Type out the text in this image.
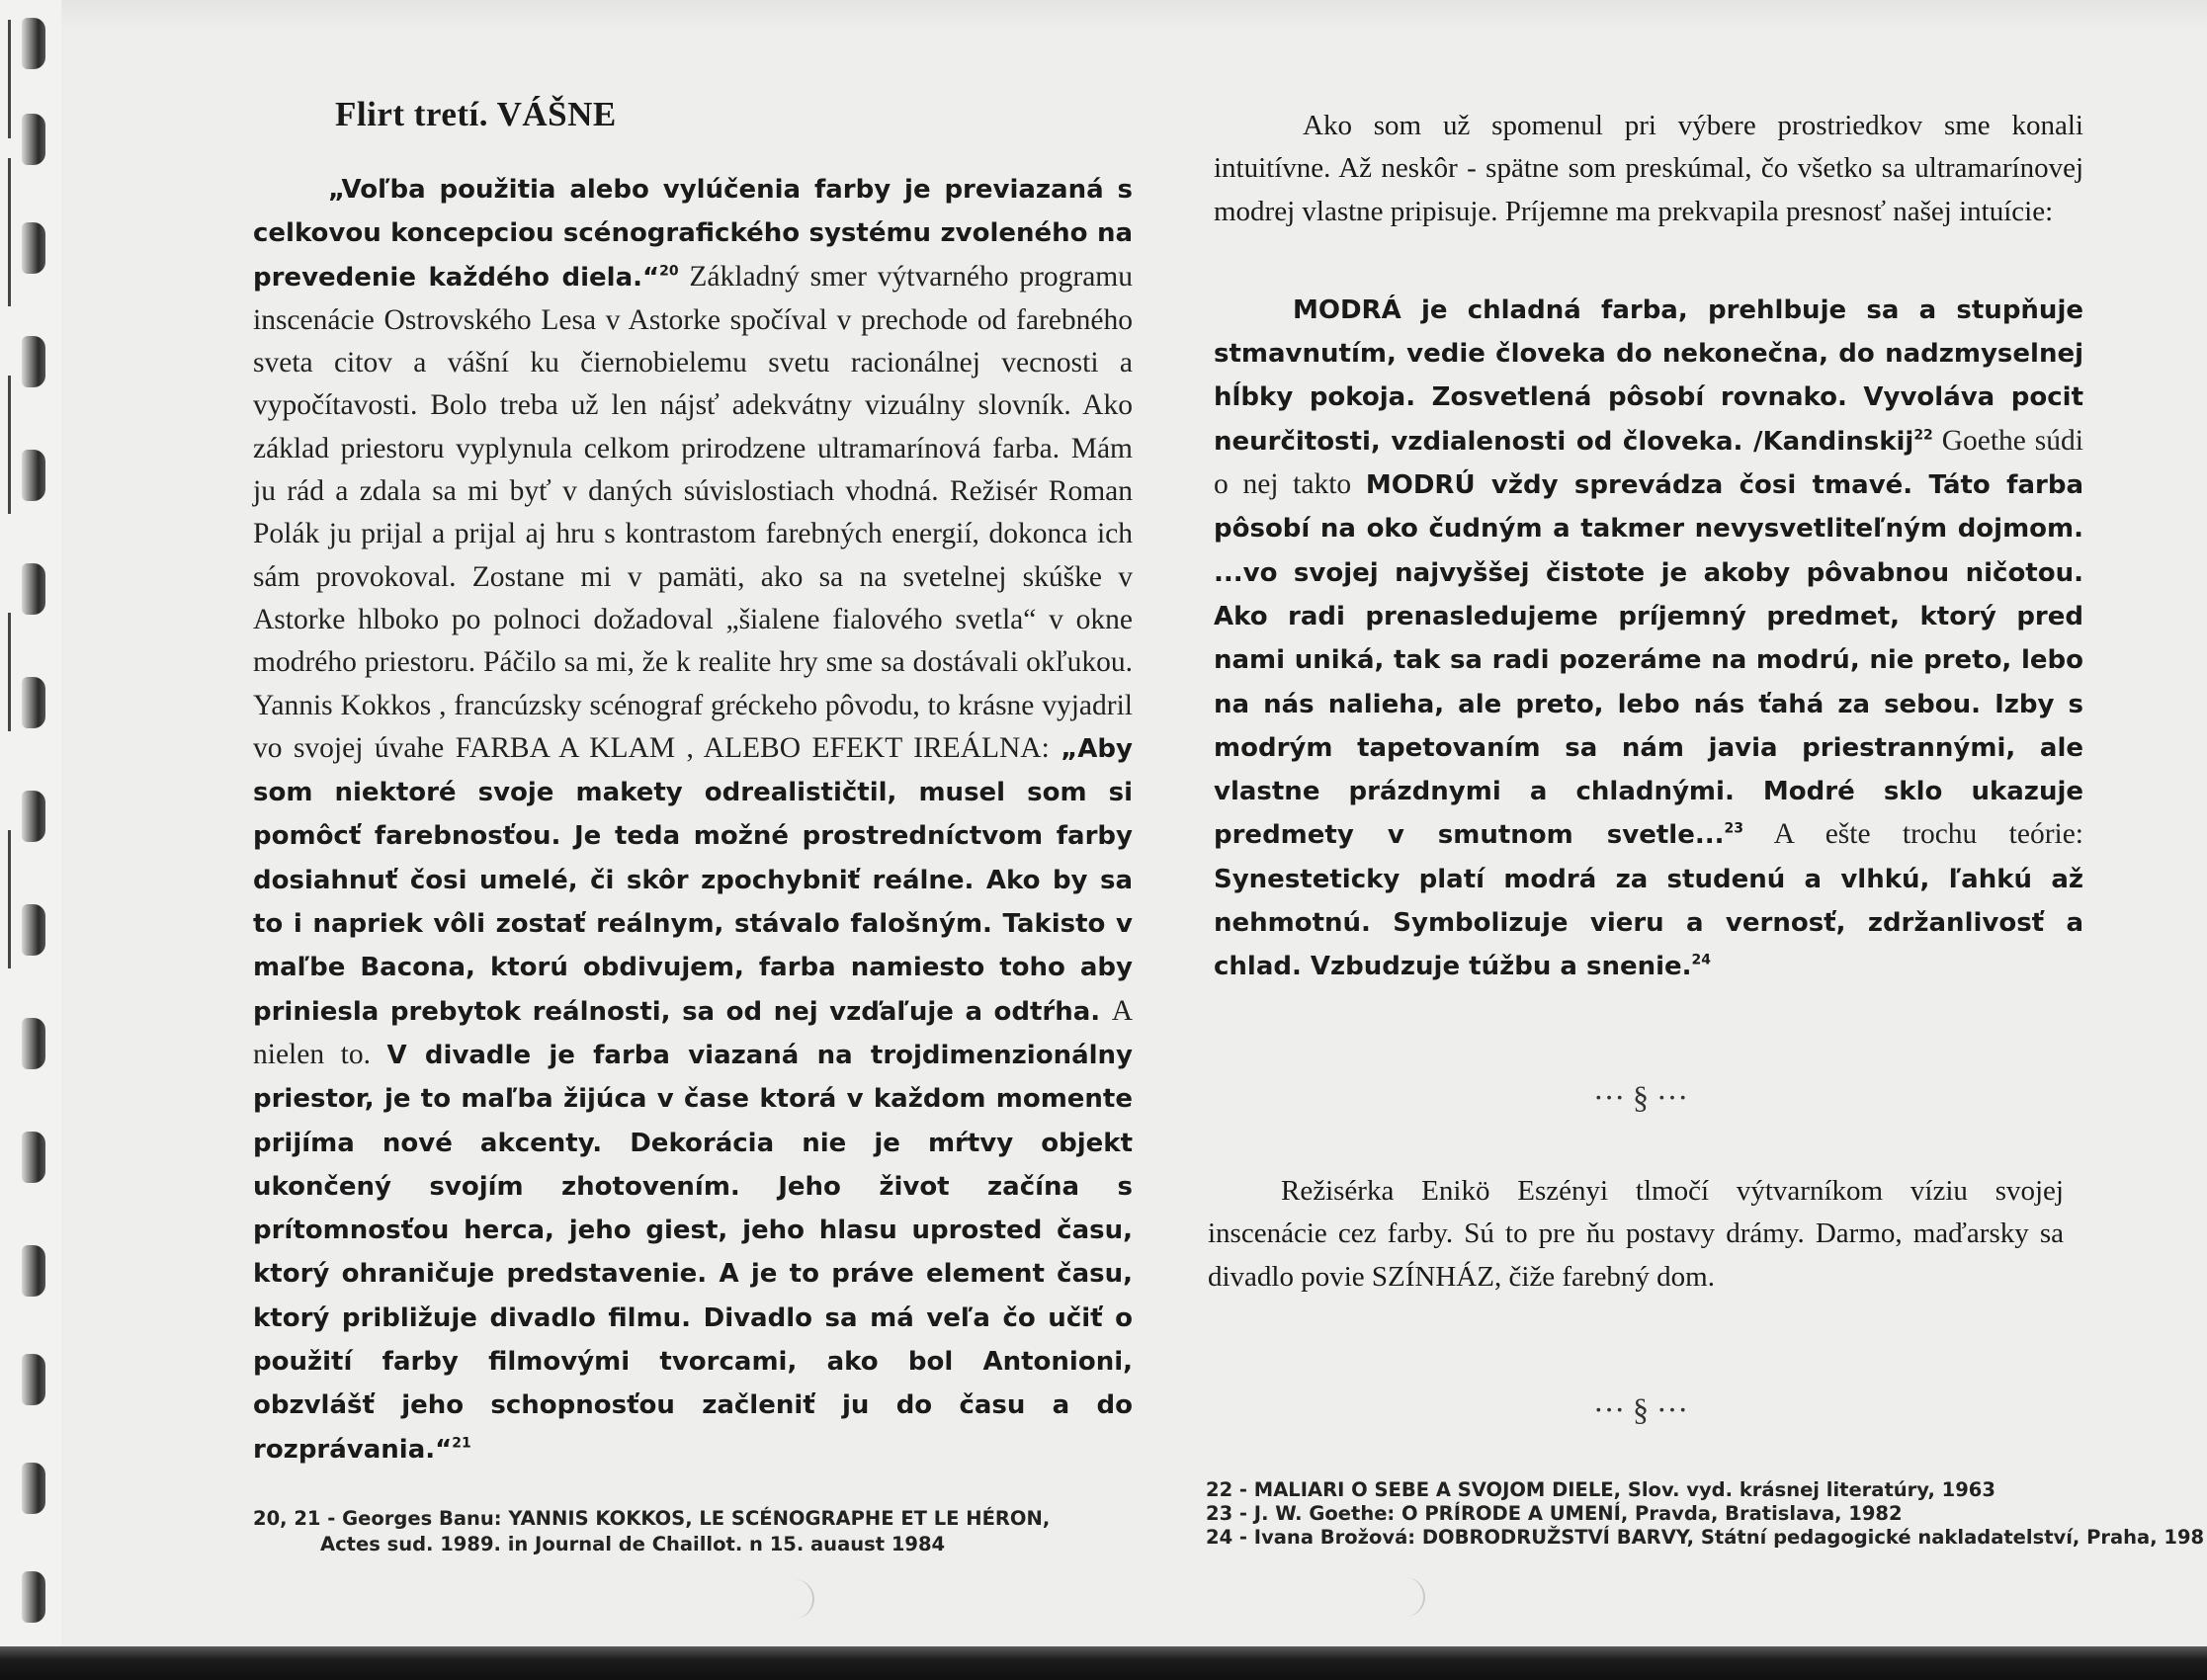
Flirt tretí. VÁŠNE

„Voľba použitia alebo vylúčenia farby je previazaná s celkovou koncepciou scénografického systému zvoleného na prevedenie každého diela.“$^{20}$ Základný smer výtvarného programu inscenácie Ostrovského Lesa v Astorke spočíval v prechode od farebného sveta citov a vášní ku čiernobielemu svetu racionálnej vecnosti a vypočítavosti. Bolo treba už len nájsť adekvátny vizuálny slovník. Ako základ priestoru vyplynula celkom prirodzene ultramarínová farba. Mám ju rád a zdala sa mi byť v daných súvislostiach vhodná. Režisér Roman Polák ju prijal a prijal aj hru s kontrastom farebných energií, dokonca ich sám provokoval. Zostane mi v pamäti, ako sa na svetelnej skúške v Astorke hlboko po polnoci dožadoval „šialene fialového svetla“ v okne modrého priestoru. Páčilo sa mi, že k realite hry sme sa dostávali okľukou. Yannis Kokkos , francúzsky scénograf gréckeho pôvodu, to krásne vyjadril vo svojej úvahe FARBA A KLAM , ALEBO EFEKT IREÁLNA: „Aby som niektoré svoje makety odrealističtil, musel som si pomôcť farebnosťou. Je teda možné prostredníctvom farby dosiahnuť čosi umelé, či skôr zpochybniť reálne. Ako by sa to i napriek vôli zostať reálnym, stávalo falošným. Takisto v maľbe Bacona, ktorú obdivujem, farba namiesto toho aby priniesla prebytok reálnosti, sa od nej vzďaľuje a odtŕha. A nielen to. V divadle je farba viazaná na trojdimenzionálny priestor, je to maľba žijúca v čase ktorá v každom momente prijíma nové akcenty. Dekorácia nie je mŕtvy objekt ukončený svojím zhotovením. Jeho život začína s prítomnosťou herca, jeho giest, jeho hlasu uprosted času, ktorý ohraničuje predstavenie. A je to práve element času, ktorý približuje divadlo filmu. Divadlo sa má veľa čo učiť o použití farby filmovými tvorcami, ako bol Antonioni, obzvlášť jeho schopnosťou začleniť ju do času a do rozprávania.“$^{21}$

20, 21 - Georges Banu: YANNIS KOKKOS, LE SCÉNOGRAPHE ET LE HÉRON,
Actes sud. 1989. in Journal de Chaillot. n 15. auaust 1984

Ako som už spomenul pri výbere prostriedkov sme konali intuitívne. Až neskôr - spätne som preskúmal, čo všetko sa ultramarínovej modrej vlastne pripisuje. Príjemne ma prekvapila presnosť našej intuície:

MODRÁ je chladná farba, prehlbuje sa a stupňuje stmavnutím, vedie človeka do nekonečna, do nadzmyselnej hĺbky pokoja. Zosvetlená pôsobí rovnako. Vyvoláva pocit neurčitosti, vzdialenosti od človeka. /Kandinskij$^{22}$ Goethe súdi o nej takto MODRÚ vždy sprevádza čosi tmavé. Táto farba pôsobí na oko čudným a takmer nevysvetliteľným dojmom. ...vo svojej najvyššej čistote je akoby pôvabnou ničotou. Ako radi prenasledujeme príjemný predmet, ktorý pred nami uniká, tak sa radi pozeráme na modrú, nie preto, lebo na nás nalieha, ale preto, lebo nás ťahá za sebou. Izby s modrým tapetovaním sa nám javia priestrannými, ale vlastne prázdnymi a chladnými. Modré sklo ukazuje predmety v smutnom svetle...$^{23}$ A ešte trochu teórie: Synesteticky platí modrá za studenú a vlhkú, ľahkú až nehmotnú. Symbolizuje vieru a vernosť, zdržanlivosť a chlad. Vzbudzuje túžbu a snenie.$^{24}$

··· § ···

Režisérka Enikö Eszényi tlmočí výtvarníkom víziu svojej inscenácie cez farby. Sú to pre ňu postavy drámy. Darmo, maďarsky sa divadlo povie SZÍNHÁZ, čiže farebný dom.

··· § ···
22 - MALIARI O SEBE A SVOJOM DIELE, Slov. vyd. krásnej literatúry, 1963
23 - J. W. Goethe: O PRÍRODE A UMENÍ, Pravda, Bratislava, 1982
24 - Ivana Brožová: DOBRODRUŽSTVÍ BARVY, Státní pedagogické nakladatelství, Praha, 198
